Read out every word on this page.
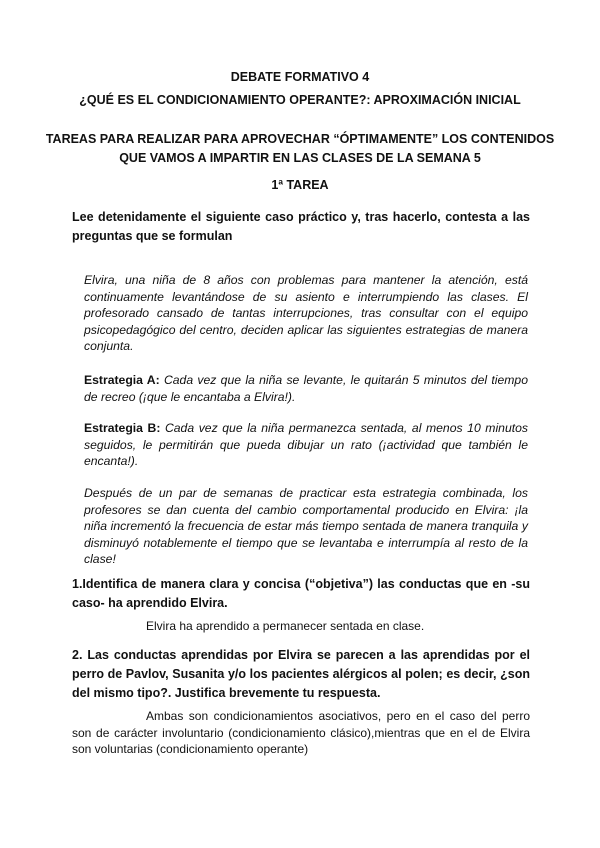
DEBATE FORMATIVO 4
¿QUÉ ES EL CONDICIONAMIENTO OPERANTE?: APROXIMACIÓN INICIAL
TAREAS PARA REALIZAR PARA APROVECHAR “ÓPTIMAMENTE” LOS CONTENIDOS QUE VAMOS A IMPARTIR EN LAS CLASES DE LA SEMANA 5
1ª TAREA
Lee detenidamente el siguiente caso práctico y, tras hacerlo, contesta a las preguntas que se formulan
Elvira, una niña de 8 años con problemas para mantener la atención, está continuamente levantándose de su asiento e interrumpiendo las clases. El profesorado cansado de tantas interrupciones, tras consultar con el equipo psicopedagógico del centro, deciden aplicar las siguientes estrategias de manera conjunta.
Estrategia A: Cada vez que la niña se levante, le quitarán 5 minutos del tiempo de recreo (¡que le encantaba a Elvira!).
Estrategia B: Cada vez que la niña permanezca sentada, al menos 10 minutos seguidos, le permitirán que pueda dibujar un rato (¡actividad que también le encanta!).
Después de un par de semanas de practicar esta estrategia combinada, los profesores se dan cuenta del cambio comportamental producido en Elvira: ¡la niña incrementó la frecuencia de estar más tiempo sentada de manera tranquila y disminuyó notablemente el tiempo que se levantaba e interrumpía al resto de la clase!
1.Identifica de manera clara y concisa (“objetiva”) las conductas que en -su caso- ha aprendido Elvira.
Elvira ha aprendido a permanecer sentada en clase.
2. Las conductas aprendidas por Elvira se parecen a las aprendidas por el perro de Pavlov, Susanita y/o los pacientes alérgicos al polen; es decir, ¿son del mismo tipo?. Justifica brevemente tu respuesta.
Ambas son condicionamientos asociativos, pero en el caso del perro son de carácter involuntario (condicionamiento clásico),mientras que en el de Elvira son voluntarias (condicionamiento operante)
